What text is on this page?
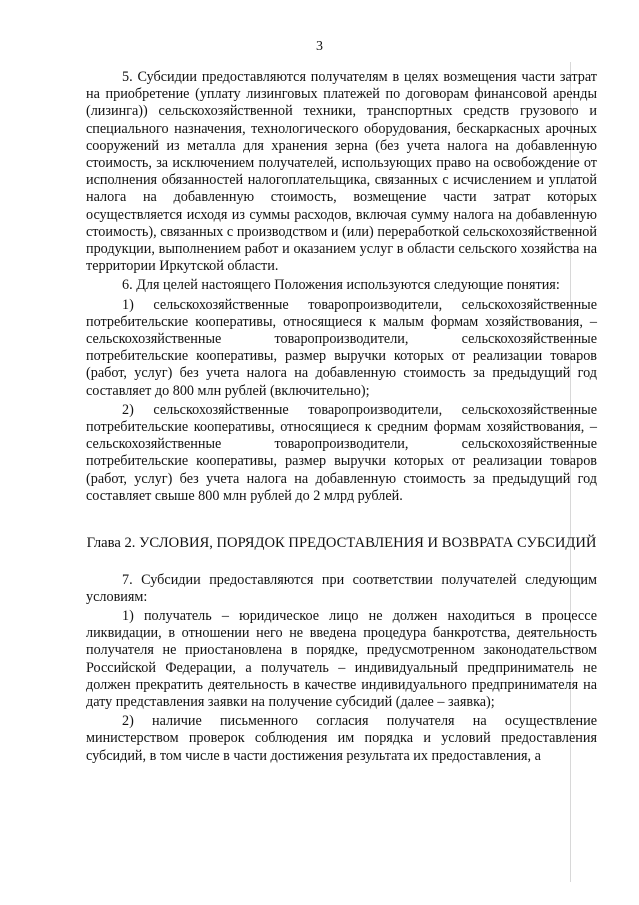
3

5. Субсидии предоставляются получателям в целях возмещения части затрат на приобретение (уплату лизинговых платежей по договорам финансовой аренды (лизинга)) сельскохозяйственной техники, транспортных средств грузового и специального назначения, технологического оборудования, бескаркасных арочных сооружений из металла для хранения зерна (без учета налога на добавленную стоимость, за исключением получателей, использующих право на освобождение от исполнения обязанностей налогоплательщика, связанных с исчислением и уплатой налога на добавленную стоимость, возмещение части затрат которых осуществляется исходя из суммы расходов, включая сумму налога на добавленную стоимость), связанных с производством и (или) переработкой сельскохозяйственной продукции, выполнением работ и оказанием услуг в области сельского хозяйства на территории Иркутской области.

6. Для целей настоящего Положения используются следующие понятия:

1) сельскохозяйственные товаропроизводители, сельскохозяйственные потребительские кооперативы, относящиеся к малым формам хозяйствования, – сельскохозяйственные товаропроизводители, сельскохозяйственные потребительские кооперативы, размер выручки которых от реализации товаров (работ, услуг) без учета налога на добавленную стоимость за предыдущий год составляет до 800 млн рублей (включительно);

2) сельскохозяйственные товаропроизводители, сельскохозяйственные потребительские кооперативы, относящиеся к средним формам хозяйствования, – сельскохозяйственные товаропроизводители, сельскохозяйственные потребительские кооперативы, размер выручки которых от реализации товаров (работ, услуг) без учета налога на добавленную стоимость за предыдущий год составляет свыше 800 млн рублей до 2 млрд рублей.

Глава 2. УСЛОВИЯ, ПОРЯДОК ПРЕДОСТАВЛЕНИЯ И ВОЗВРАТА СУБСИДИЙ

7. Субсидии предоставляются при соответствии получателей следующим условиям:

1) получатель – юридическое лицо не должен находиться в процессе ликвидации, в отношении него не введена процедура банкротства, деятельность получателя не приостановлена в порядке, предусмотренном законодательством Российской Федерации, а получатель – индивидуальный предприниматель не должен прекратить деятельность в качестве индивидуального предпринимателя на дату представления заявки на получение субсидий (далее – заявка);

2) наличие письменного согласия получателя на осуществление министерством проверок соблюдения им порядка и условий предоставления субсидий, в том числе в части достижения результата их предоставления, а
